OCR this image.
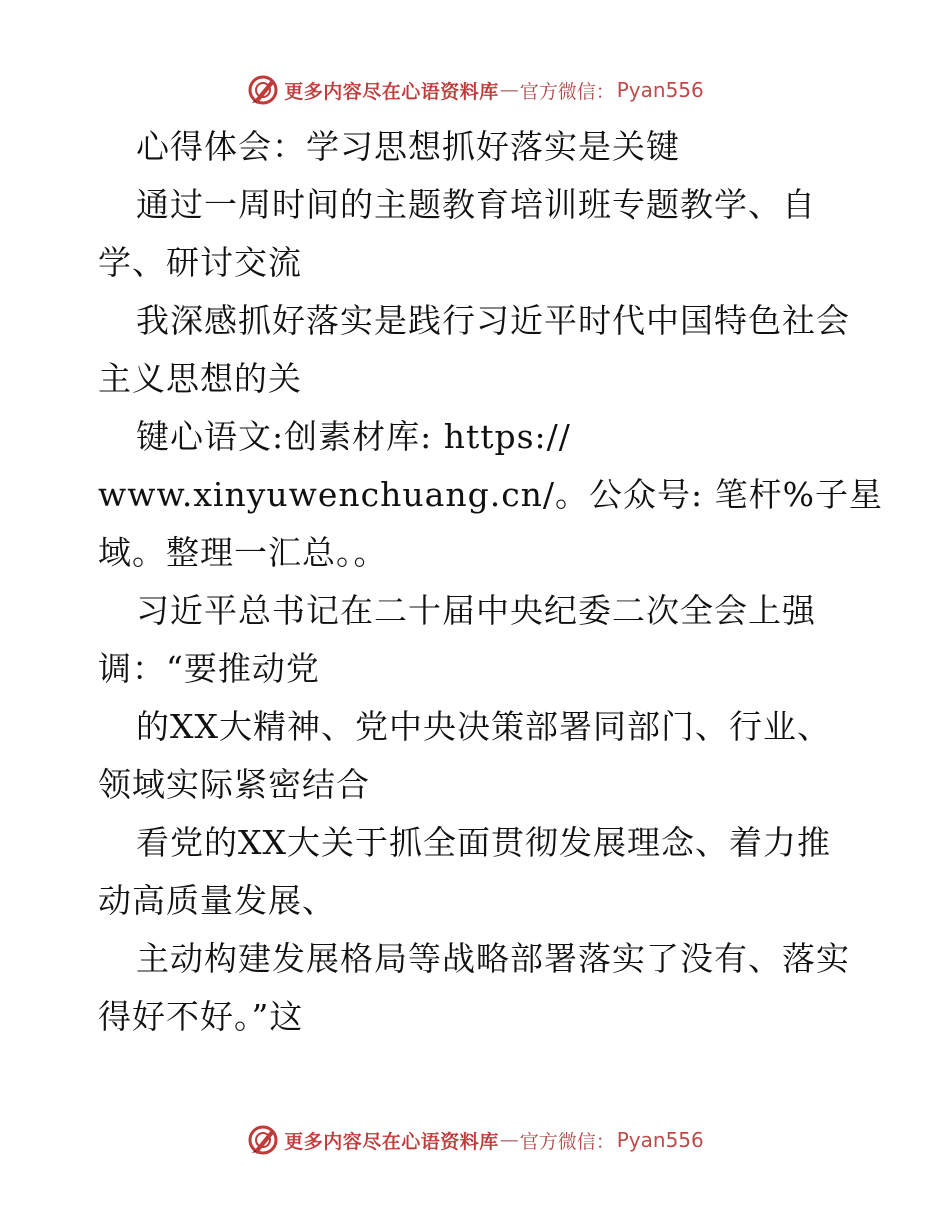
更多内容尽在心语资料库 — 官方微信： Pyan556
心得体会：学习思想抓好落实是关键
通过一周时间的主题教育培训班专题教学、自
学、研讨交流
我深感抓好落实是践行习近平时代中国特色社会
主义思想的关
键心语文:创素材库: https://
www.xinyuwenchuang.cn/。公众号: 笔杆%子星
域。整理一汇总。。
习近平总书记在二十届中央纪委二次全会上强
调：“要推动党
的XX大精神、党中央决策部署同部门、行业、
领域实际紧密结合
看党的XX大关于抓全面贯彻发展理念、着力推
动高质量发展、
主动构建发展格局等战略部署落实了没有、落实
得好不好。”这
更多内容尽在心语资料库 — 官方微信： Pyan556
